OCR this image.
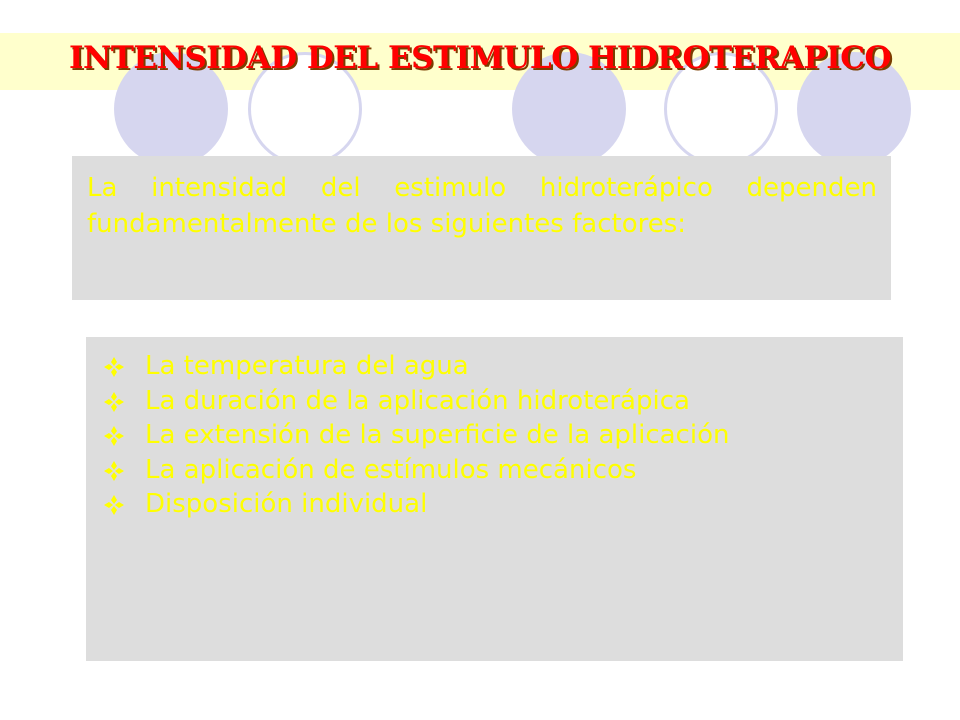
INTENSIDAD DEL ESTIMULO HIDROTERAPICO
La intensidad del estimulo hidroterápico dependen fundamentalmente de los siguientes factores:
La temperatura del agua
La duración de la aplicación hidroterápica
La extensión de la superficie de la aplicación
La aplicación de estímulos mecánicos
Disposición individual
